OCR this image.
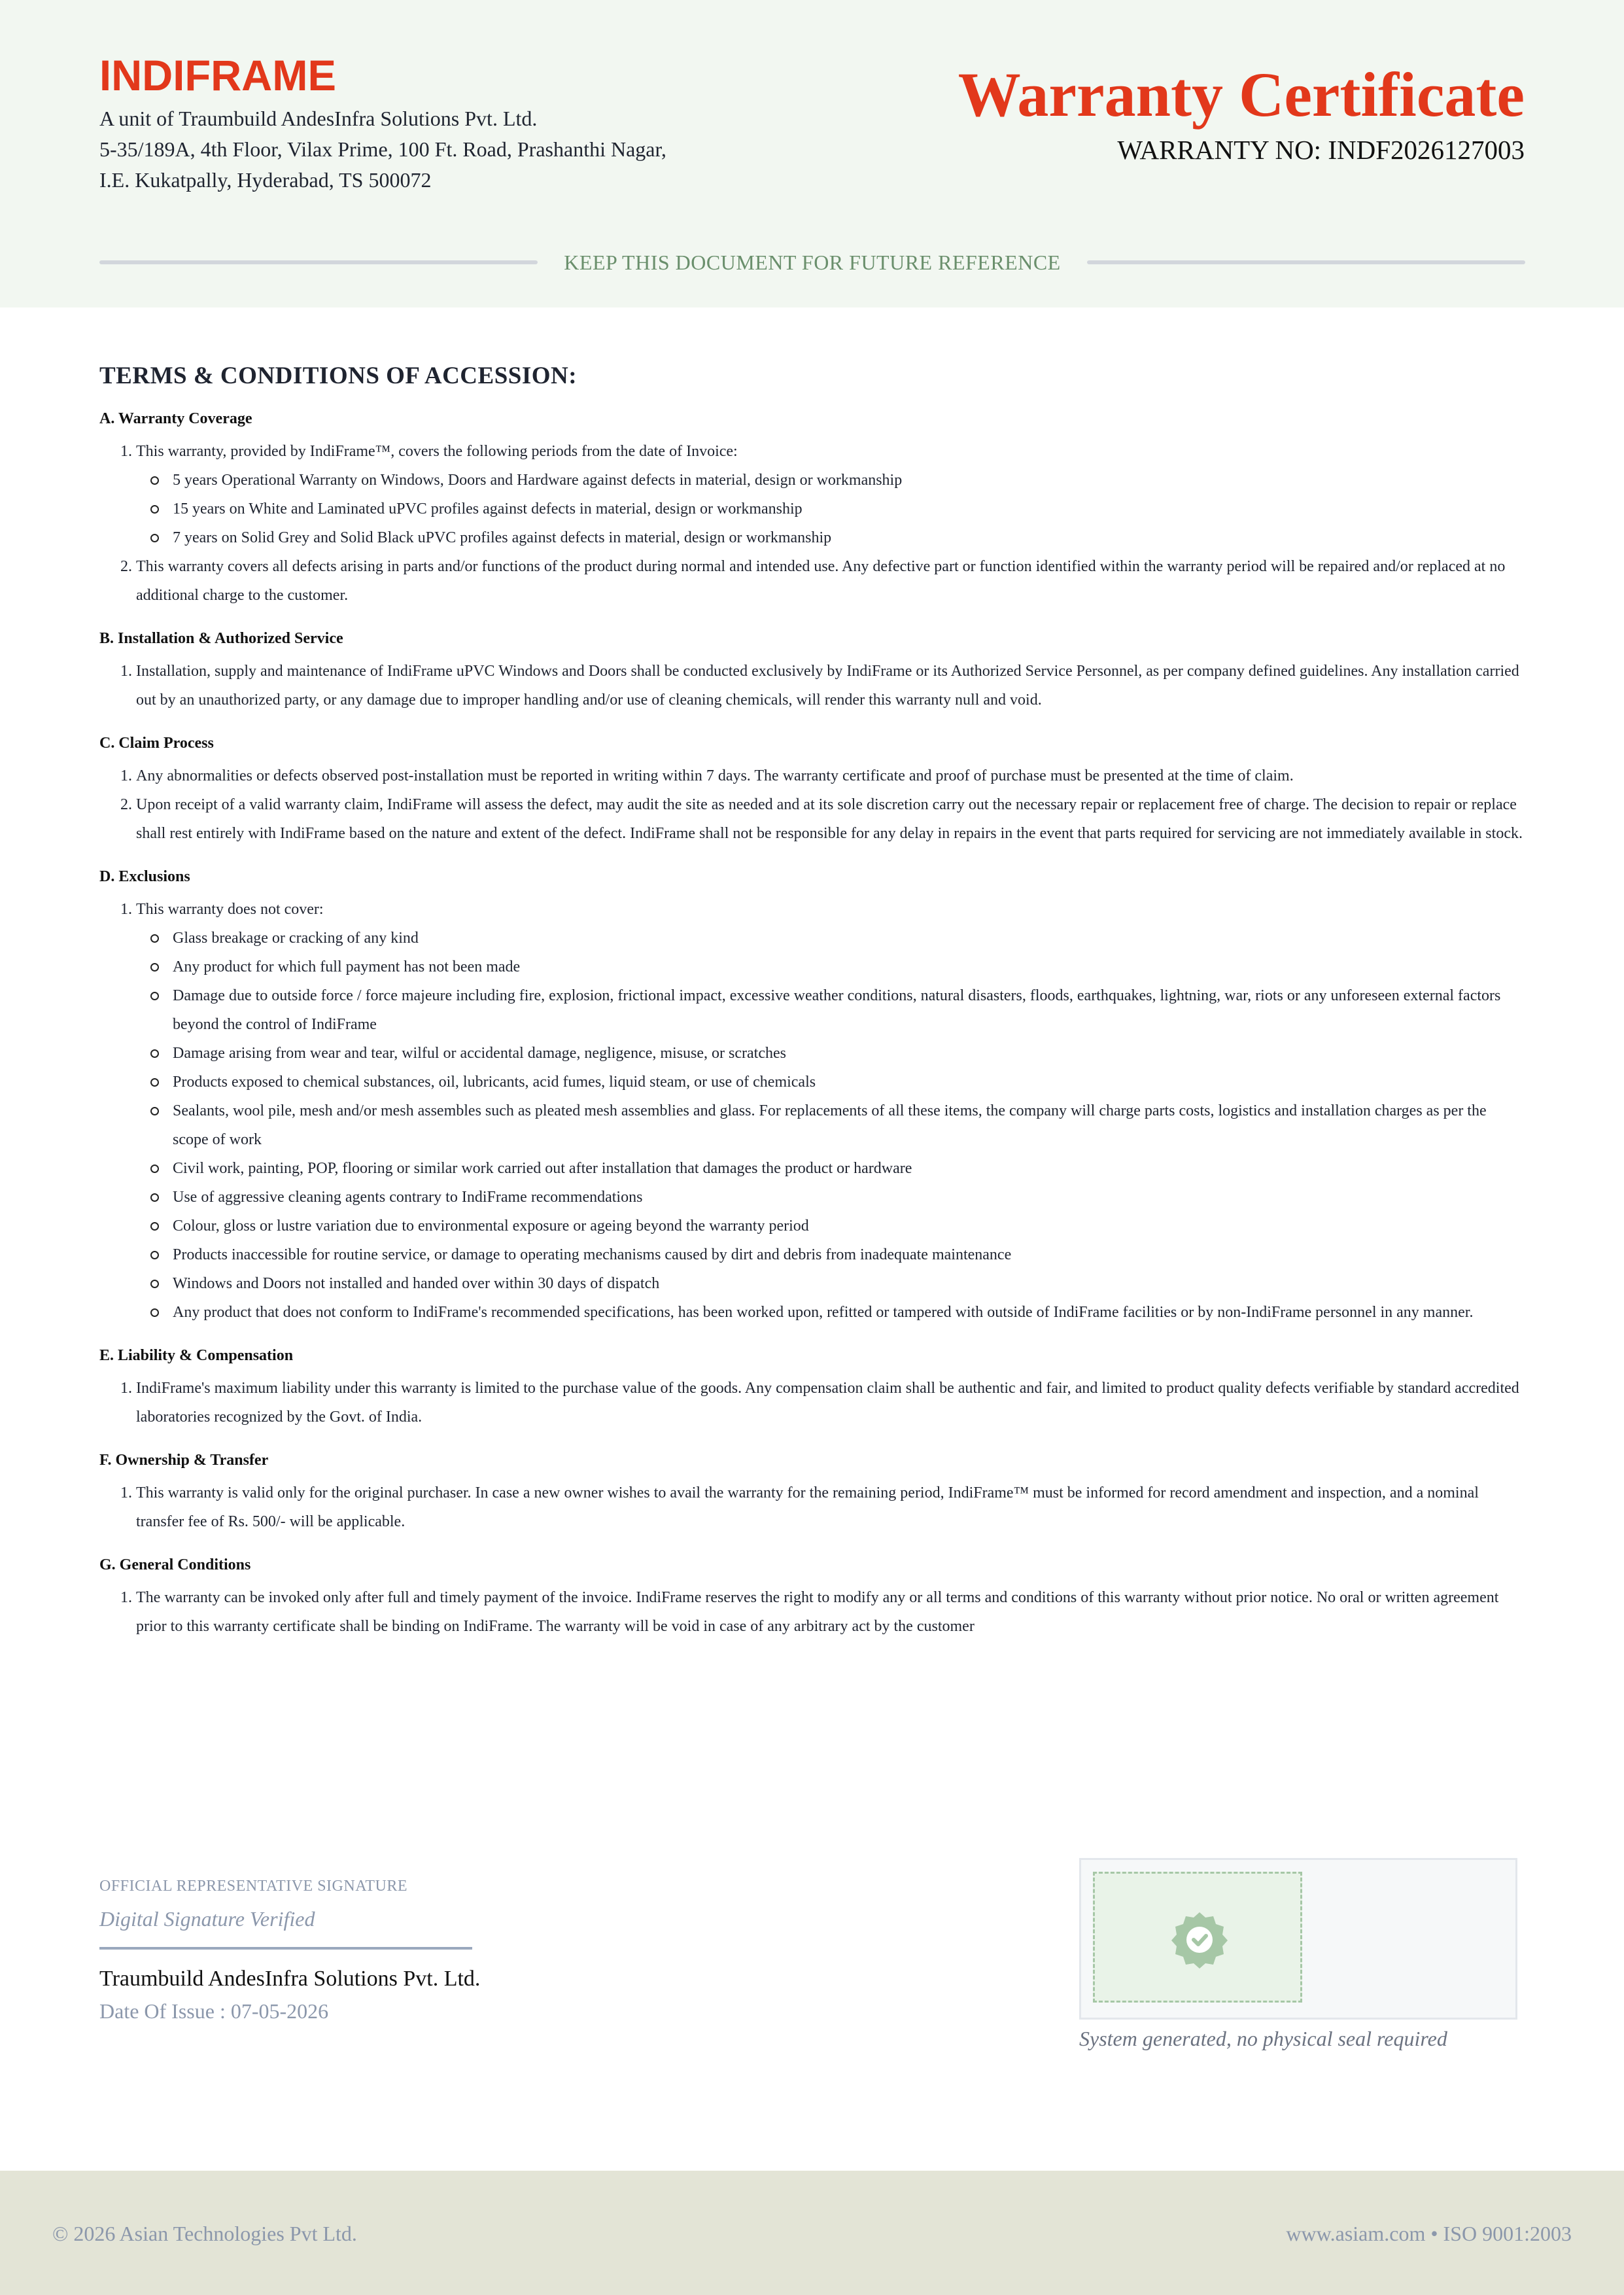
INDIFRAME
A unit of Traumbuild AndesInfra Solutions Pvt. Ltd.
5-35/189A, 4th Floor, Vilax Prime, 100 Ft. Road, Prashanthi Nagar,
I.E. Kukatpally, Hyderabad, TS 500072
Warranty Certificate
WARRANTY NO: INDF2026127003
KEEP THIS DOCUMENT FOR FUTURE REFERENCE
TERMS & CONDITIONS OF ACCESSION:
A. Warranty Coverage
1. This warranty, provided by IndiFrame™, covers the following periods from the date of Invoice:
5 years Operational Warranty on Windows, Doors and Hardware against defects in material, design or workmanship
15 years on White and Laminated uPVC profiles against defects in material, design or workmanship
7 years on Solid Grey and Solid Black uPVC profiles against defects in material, design or workmanship
2. This warranty covers all defects arising in parts and/or functions of the product during normal and intended use. Any defective part or function identified within the warranty period will be repaired and/or replaced at no additional charge to the customer.
B. Installation & Authorized Service
1. Installation, supply and maintenance of IndiFrame uPVC Windows and Doors shall be conducted exclusively by IndiFrame or its Authorized Service Personnel, as per company defined guidelines. Any installation carried out by an unauthorized party, or any damage due to improper handling and/or use of cleaning chemicals, will render this warranty null and void.
C. Claim Process
1. Any abnormalities or defects observed post-installation must be reported in writing within 7 days. The warranty certificate and proof of purchase must be presented at the time of claim.
2. Upon receipt of a valid warranty claim, IndiFrame will assess the defect, may audit the site as needed and at its sole discretion carry out the necessary repair or replacement free of charge. The decision to repair or replace shall rest entirely with IndiFrame based on the nature and extent of the defect. IndiFrame shall not be responsible for any delay in repairs in the event that parts required for servicing are not immediately available in stock.
D. Exclusions
1. This warranty does not cover:
Glass breakage or cracking of any kind
Any product for which full payment has not been made
Damage due to outside force / force majeure including fire, explosion, frictional impact, excessive weather conditions, natural disasters, floods, earthquakes, lightning, war, riots or any unforeseen external factors beyond the control of IndiFrame
Damage arising from wear and tear, wilful or accidental damage, negligence, misuse, or scratches
Products exposed to chemical substances, oil, lubricants, acid fumes, liquid steam, or use of chemicals
Sealants, wool pile, mesh and/or mesh assembles such as pleated mesh assemblies and glass. For replacements of all these items, the company will charge parts costs, logistics and installation charges as per the scope of work
Civil work, painting, POP, flooring or similar work carried out after installation that damages the product or hardware
Use of aggressive cleaning agents contrary to IndiFrame recommendations
Colour, gloss or lustre variation due to environmental exposure or ageing beyond the warranty period
Products inaccessible for routine service, or damage to operating mechanisms caused by dirt and debris from inadequate maintenance
Windows and Doors not installed and handed over within 30 days of dispatch
Any product that does not conform to IndiFrame's recommended specifications, has been worked upon, refitted or tampered with outside of IndiFrame facilities or by non-IndiFrame personnel in any manner.
E. Liability & Compensation
1. IndiFrame's maximum liability under this warranty is limited to the purchase value of the goods. Any compensation claim shall be authentic and fair, and limited to product quality defects verifiable by standard accredited laboratories recognized by the Govt. of India.
F. Ownership & Transfer
1. This warranty is valid only for the original purchaser. In case a new owner wishes to avail the warranty for the remaining period, IndiFrame™ must be informed for record amendment and inspection, and a nominal transfer fee of Rs. 500/- will be applicable.
G. General Conditions
1. The warranty can be invoked only after full and timely payment of the invoice. IndiFrame reserves the right to modify any or all terms and conditions of this warranty without prior notice. No oral or written agreement prior to this warranty certificate shall be binding on IndiFrame. The warranty will be void in case of any arbitrary act by the customer
OFFICIAL REPRESENTATIVE SIGNATURE
Digital Signature Verified
Traumbuild AndesInfra Solutions Pvt. Ltd.
Date Of Issue : 07-05-2026
System generated, no physical seal required
© 2026 Asian Technologies Pvt Ltd.	www.asiam.com • ISO 9001:2003
